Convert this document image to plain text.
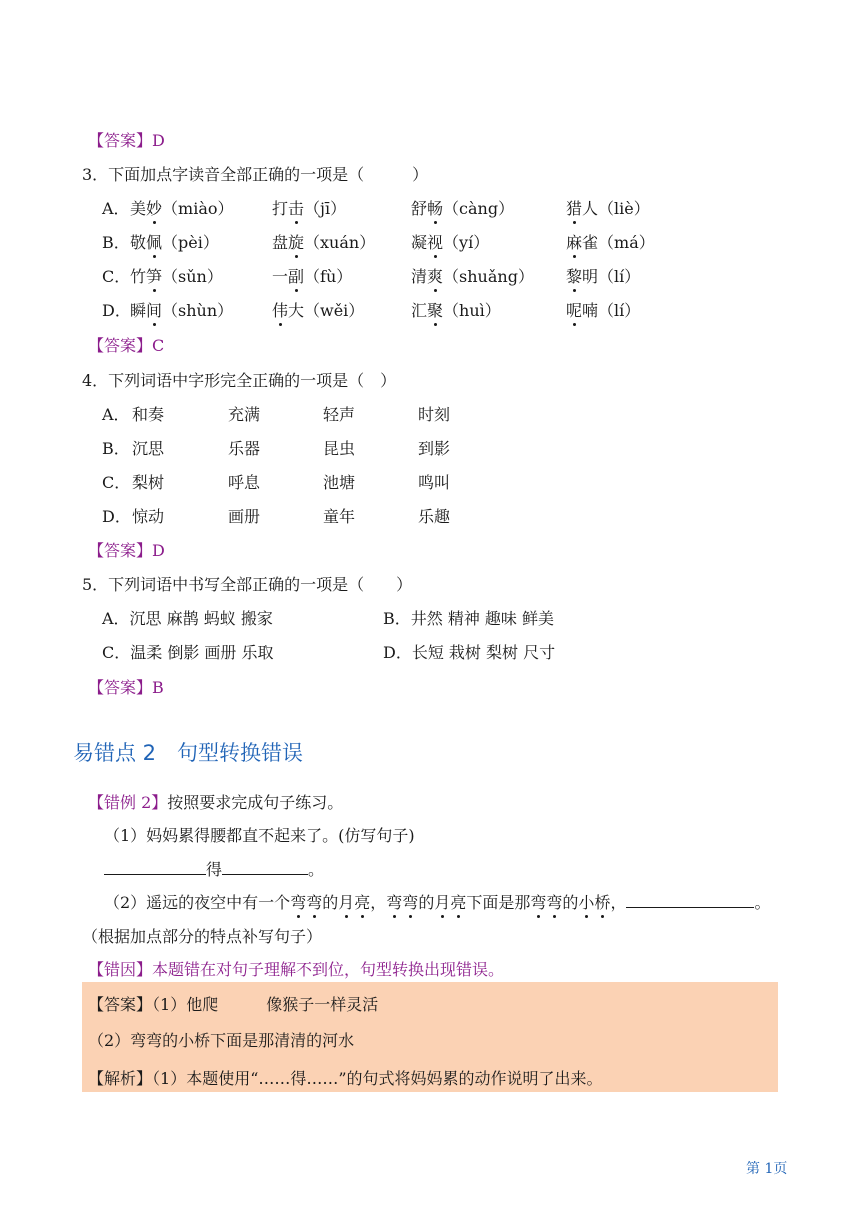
【答案】D
3．下面加点字读音全部正确的一项是（　　　）
A． 美妙（miào） 打击（jī）	舒畅（càng）	猎人（liè）
B． 敬佩（pèi）	盘旋（xuán） 凝视（yí）	麻雀（má）
C． 竹笋（sǔn）	一副（fù）	清爽（shuǎng） 黎明（lí）
D． 瞬间（shùn） 伟大（wěi）	汇聚（huì）	呢喃（lí）
【答案】C
4．下列词语中字形完全正确的一项是（　）
A． 和奏	充满	轻声	时刻
B． 沉思	乐器	昆虫	到影
C． 梨树	呼息	池塘	鸣叫
D． 惊动	画册	童年	乐趣
【答案】D
5．下列词语中书写全部正确的一项是（　　）
A．沉思 麻鹊 蚂蚁 搬家	B．井然 精神 趣味 鲜美
C．温柔 倒影 画册 乐取	D．长短 栽树 梨树 尺寸
【答案】B
易错点 2　句型转换错误
【错例 2】按照要求完成句子练习。
（1）妈妈累得腰都直不起来了。(仿写句子)
得	。
（2）遥远的夜空中有一个弯弯的月亮，弯弯的月亮下面是那弯弯的小桥，	。
（根据加点部分的特点补写句子）
【错因】本题错在对句子理解不到位，句型转换出现错误。
【答案】（1）他爬　　　像猴子一样灵活
（2）弯弯的小桥下面是那清清的河水
【解析】（1）本题使用“……得……”的句式将妈妈累的动作说明了出来。
第 1页
